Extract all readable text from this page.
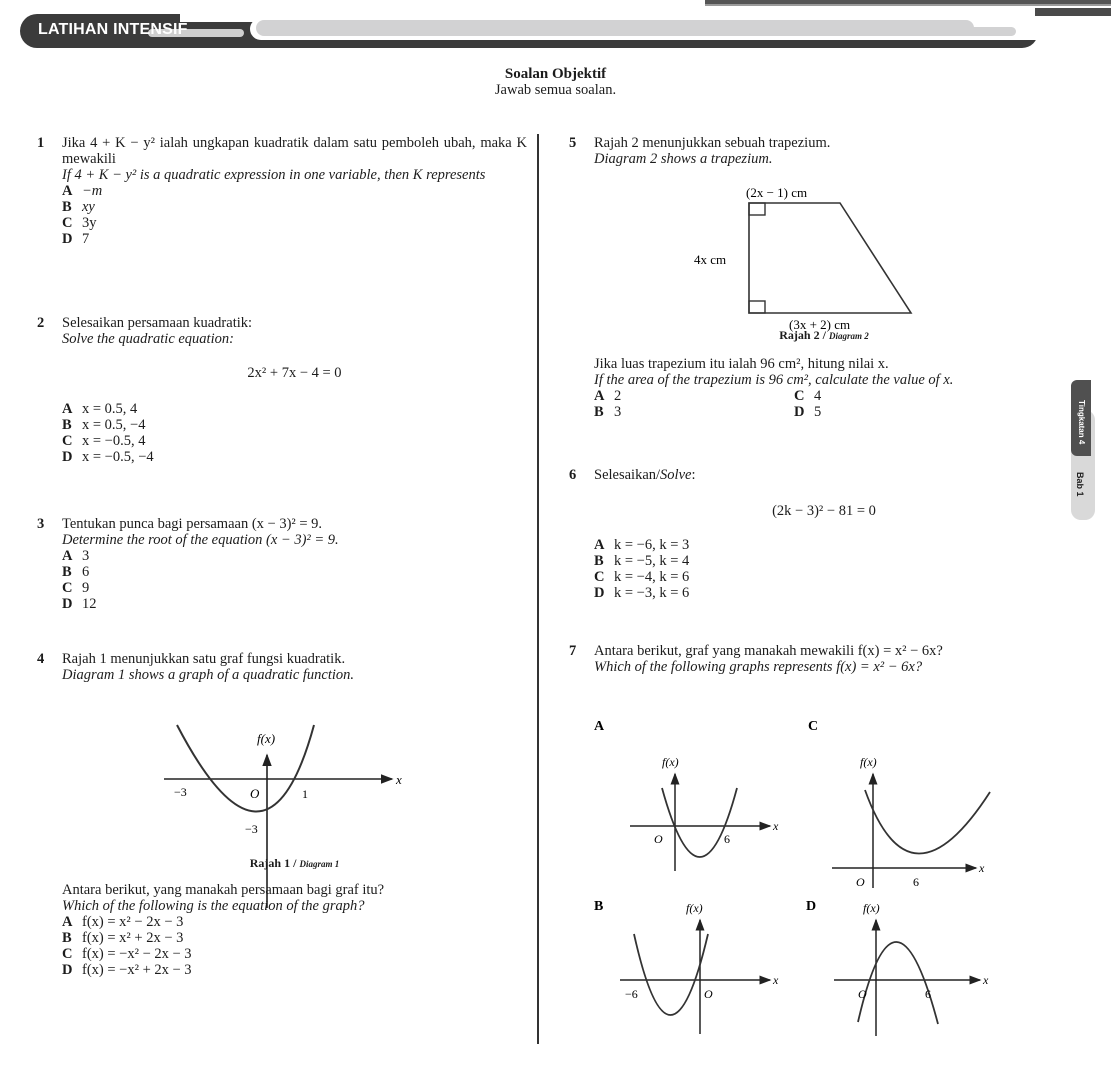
LATIHAN INTENSIF
Soalan Objektif
Jawab semua soalan.
1 Jika 4 + K − y² ialah ungkapan kuadratik dalam satu pemboleh ubah, maka K mewakili
If 4 + K − y² is a quadratic expression in one variable, then K represents
A −m
B xy
C 3y
D 7
2 Selesaikan persamaan kuadratik:
Solve the quadratic equation:
2x² + 7x − 4 = 0
A x = 0.5, 4
B x = 0.5, −4
C x = −0.5, 4
D x = −0.5, −4
3 Tentukan punca bagi persamaan (x − 3)² = 9.
Determine the root of the equation (x − 3)² = 9.
A 3
B 6
C 9
D 12
4 Rajah 1 menunjukkan satu graf fungsi kuadratik.
Diagram 1 shows a graph of a quadratic function.
f(x)
x
−3	O	1
−3
Rajah 1 / Diagram 1
Antara berikut, yang manakah persamaan bagi graf itu?
Which of the following is the equation of the graph?
A f(x) = x² − 2x − 3
B f(x) = x² + 2x − 3
C f(x) = −x² − 2x − 3
D f(x) = −x² + 2x − 3
5 Rajah 2 menunjukkan sebuah trapezium.
Diagram 2 shows a trapezium.
(2x − 1) cm
4x cm
(3x + 2) cm
Rajah 2 / Diagram 2
Jika luas trapezium itu ialah 96 cm², hitung nilai x.
If the area of the trapezium is 96 cm², calculate the value of x.
A 2	C 4
B 3	D 5
6 Selesaikan/Solve:
(2k − 3)² − 81 = 0
A k = −6, k = 3
B k = −5, k = 4
C k = −4, k = 6
D k = −3, k = 6
7 Antara berikut, graf yang manakah mewakili f(x) = x² − 6x?
Which of the following graphs represents f(x) = x² − 6x?
A
f(x)
x
O	6
C
f(x)
x
O	6
B	f(x)
x
−6	O
D	f(x)
x
O	6
Tingkatan 4
Bab 1
